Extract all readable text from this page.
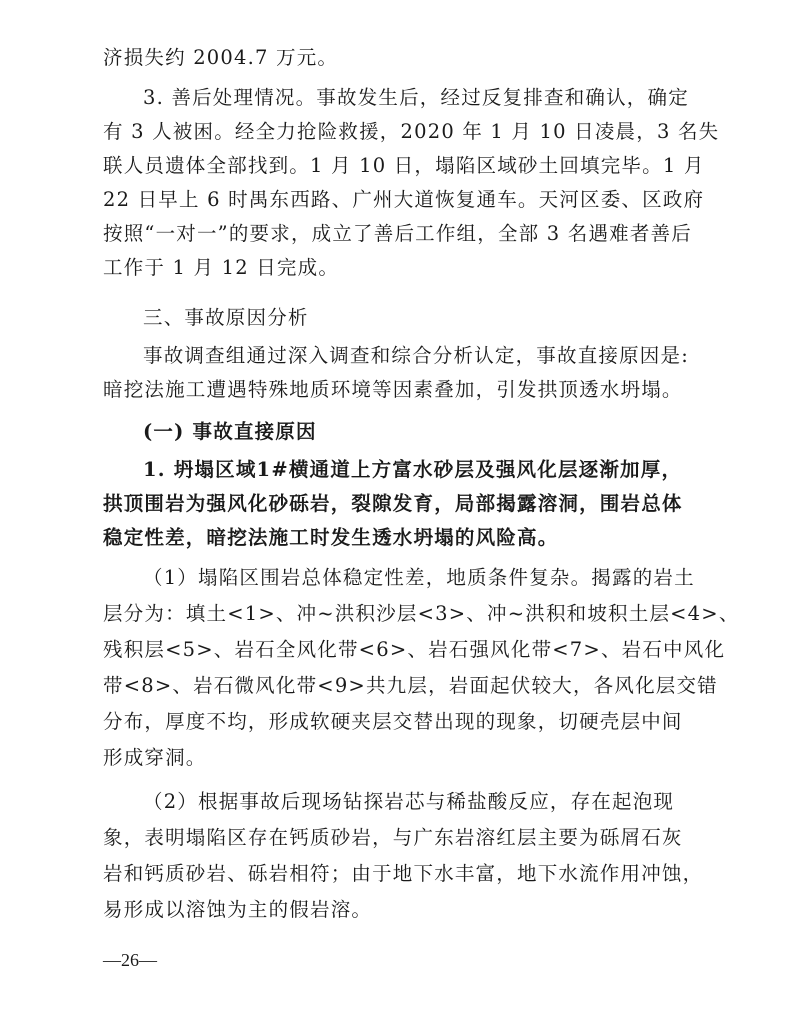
济损失约 2004.7 万元。
3. 善后处理情况。事故发生后，经过反复排查和确认，确定
有 3 人被困。经全力抢险救援，2020 年 1 月 10 日凌晨，3 名失
联人员遗体全部找到。1 月 10 日，塌陷区域砂土回填完毕。1 月
22 日早上 6 时禺东西路、广州大道恢复通车。天河区委、区政府
按照“一对一”的要求，成立了善后工作组，全部 3 名遇难者善后
工作于 1 月 12 日完成。
三、事故原因分析
事故调查组通过深入调查和综合分析认定，事故直接原因是:
暗挖法施工遭遇特殊地质环境等因素叠加，引发拱顶透水坍塌。
(一) 事故直接原因
1. 坍塌区域1#横通道上方富水砂层及强风化层逐渐加厚，
拱顶围岩为强风化砂砾岩，裂隙发育，局部揭露溶洞，围岩总体
稳定性差，暗挖法施工时发生透水坍塌的风险高。
（1）塌陷区围岩总体稳定性差，地质条件复杂。揭露的岩土
层分为：填土<1>、冲~洪积沙层<3>、冲~洪积和坡积土层<4>、
残积层<5>、岩石全风化带<6>、岩石强风化带<7>、岩石中风化
带<8>、岩石微风化带<9>共九层，岩面起伏较大，各风化层交错
分布，厚度不均，形成软硬夹层交替出现的现象，切硬壳层中间
形成穿洞。
（2）根据事故后现场钻探岩芯与稀盐酸反应，存在起泡现
象，表明塌陷区存在钙质砂岩，与广东岩溶红层主要为砾屑石灰
岩和钙质砂岩、砾岩相符；由于地下水丰富，地下水流作用冲蚀，
易形成以溶蚀为主的假岩溶。
—26—
